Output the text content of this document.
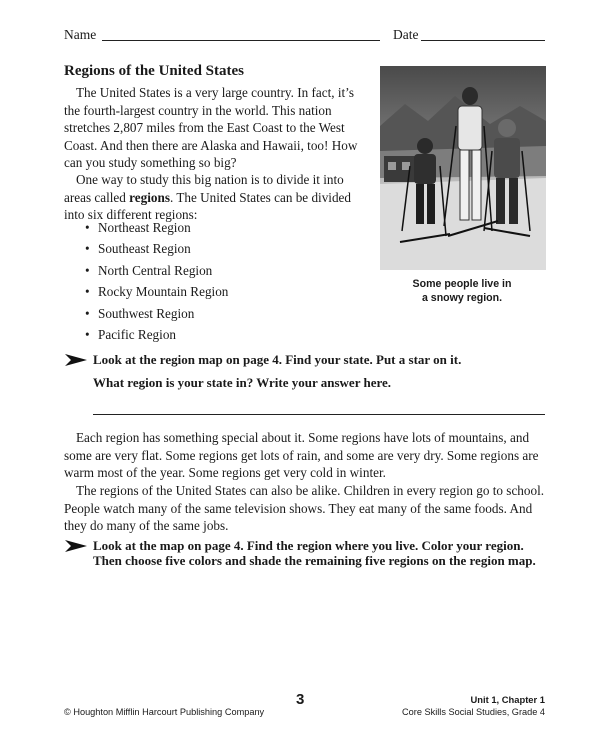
Name	Date
Regions of the United States

The United States is a very large country. In fact, it’s the fourth-largest country in the world. This nation stretches 2,807 miles from the East Coast to the West Coast. And then there are Alaska and Hawaii, too! How can you study something so big?

One way to study this big nation is to divide it into areas called regions. The United States can be divided into six different regions:

• Northeast Region
• Southeast Region
• North Central Region
• Rocky Mountain Region
• Southwest Region
• Pacific Region
Some people live in
a snowy region.
Look at the region map on page 4. Find your state. Put a star on it.
What region is your state in? Write your answer here.

Each region has something special about it. Some regions have lots of mountains, and some are very flat. Some regions get lots of rain, and some are very dry. Some regions are warm most of the year. Some regions get very cold in winter.

The regions of the United States can also be alike. Children in every region go to school. People watch many of the same television shows. They eat many of the same foods. And they do many of the same jobs.

Look at the map on page 4. Find the region where you live. Color your region.
Then choose five colors and shade the remaining five regions on the region map.
3
© Houghton Mifflin Harcourt Publishing Company
Unit 1, Chapter 1
Core Skills Social Studies, Grade 4
